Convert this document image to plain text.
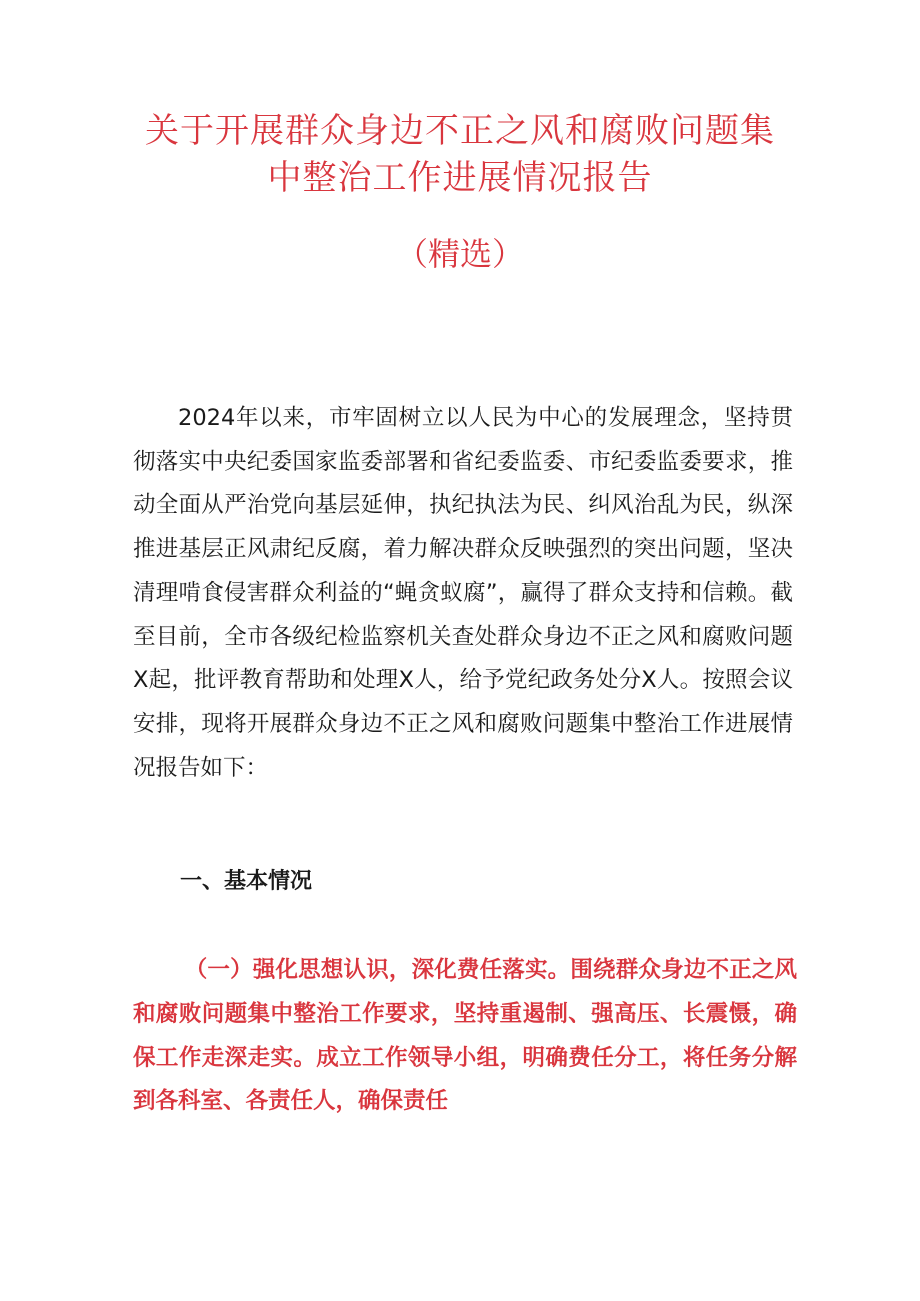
关于开展群众身边不正之风和腐败问题集
中整治工作进展情况报告

（精选）

2024年以来，市牢固树立以人民为中心的发展理念，坚持贯彻落实中央纪委国家监委部署和省纪委监委、市纪委监委要求，推动全面从严治党向基层延伸，执纪执法为民、纠风治乱为民，纵深推进基层正风肃纪反腐，着力解决群众反映强烈的突出问题，坚决清理啃食侵害群众利益的“蝇贪蚁腐”，赢得了群众支持和信赖。截至目前，全市各级纪检监察机关查处群众身边不正之风和腐败问题X起，批评教育帮助和处理X人，给予党纪政务处分X人。按照会议安排，现将开展群众身边不正之风和腐败问题集中整治工作进展情况报告如下：

一、基本情况

（一）强化思想认识，深化费任落实。围绕群众身边不正之风和腐败问题集中整治工作要求，坚持重遏制、强高压、长震慑，确保工作走深走实。成立工作领导小组，明确费任分工，将任务分解到各科室、各责任人，确保责任
